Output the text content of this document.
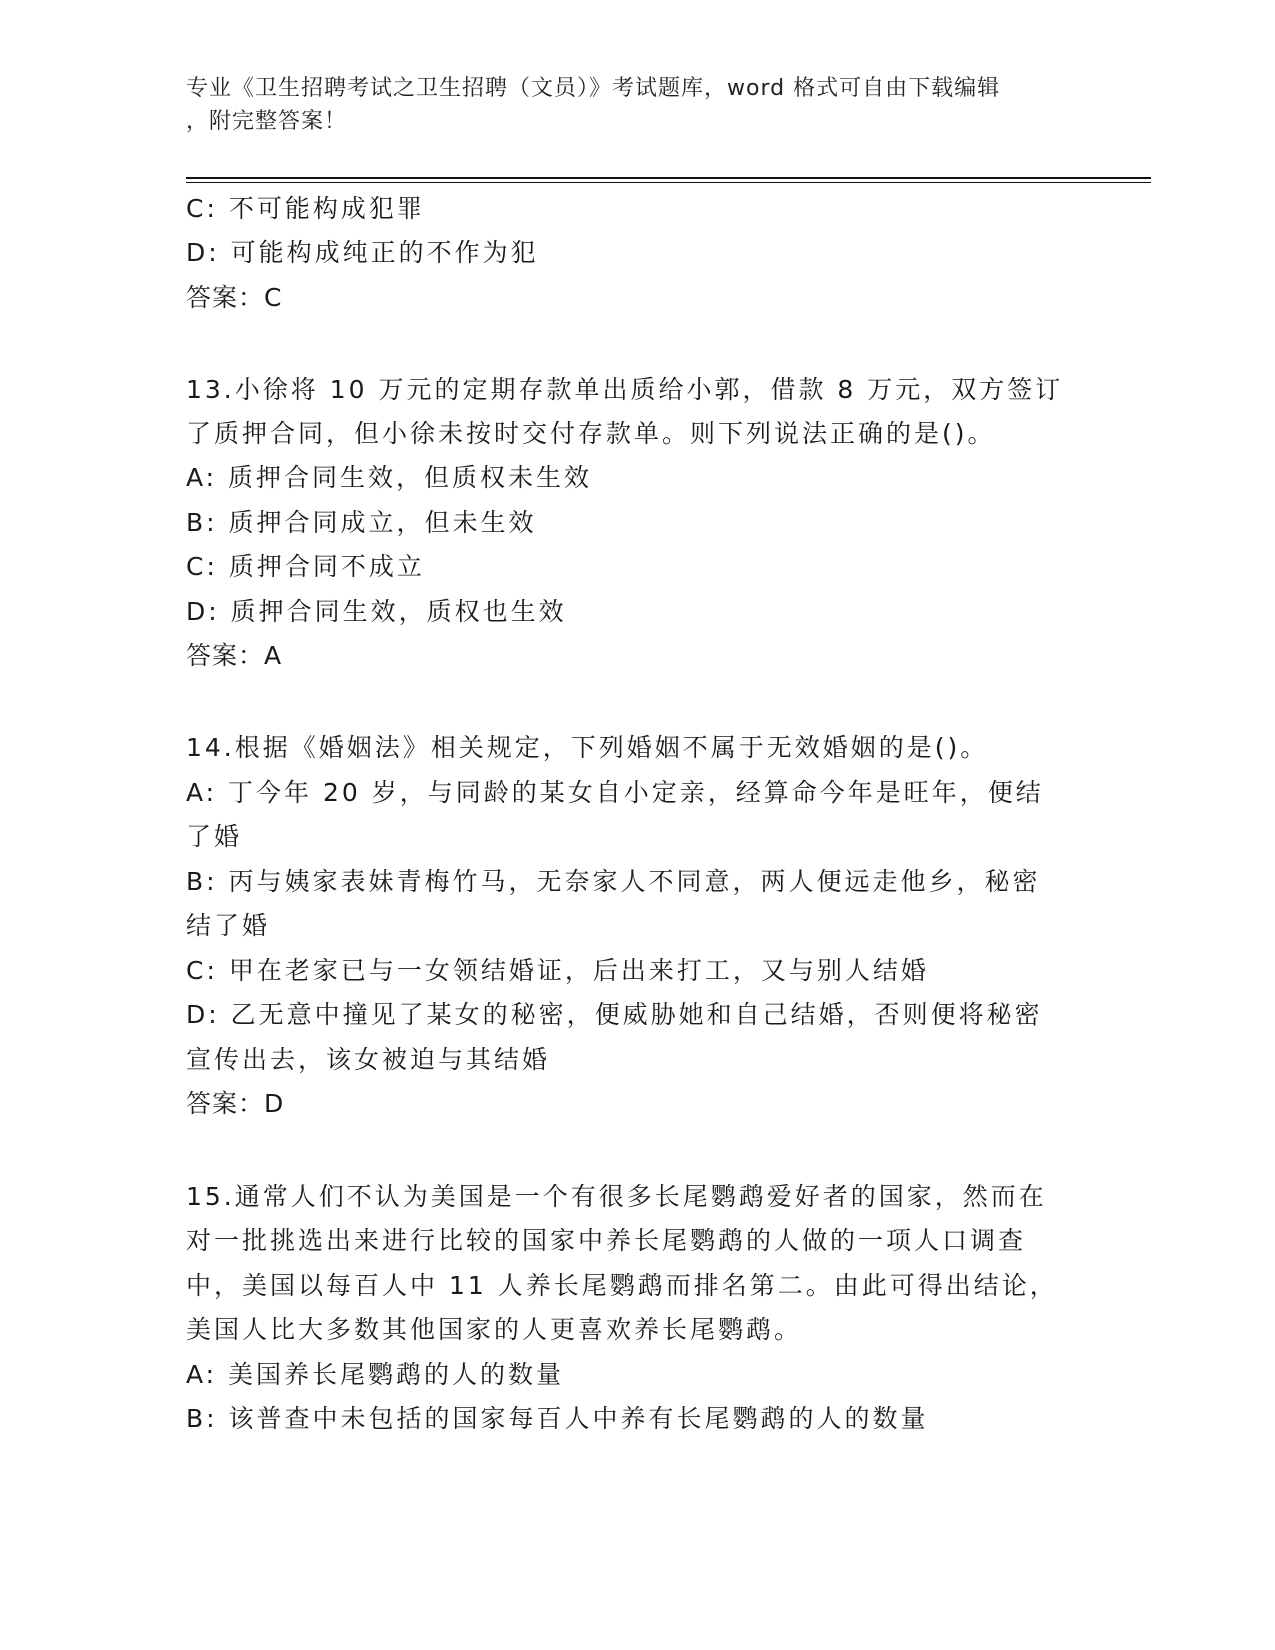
专业《卫生招聘考试之卫生招聘（文员）》考试题库，word 格式可自由下载编辑
，附完整答案！
C: 不可能构成犯罪
D: 可能构成纯正的不作为犯
答案：C
13.小徐将 10 万元的定期存款单出质给小郭，借款 8 万元，双方签订
了质押合同，但小徐未按时交付存款单。则下列说法正确的是()。
A: 质押合同生效，但质权未生效
B: 质押合同成立，但未生效
C: 质押合同不成立
D: 质押合同生效，质权也生效
答案：A
14.根据《婚姻法》相关规定，下列婚姻不属于无效婚姻的是()。
A: 丁今年 20 岁，与同龄的某女自小定亲，经算命今年是旺年，便结
了婚
B: 丙与姨家表妹青梅竹马，无奈家人不同意，两人便远走他乡，秘密
结了婚
C: 甲在老家已与一女领结婚证，后出来打工，又与别人结婚
D: 乙无意中撞见了某女的秘密，便威胁她和自己结婚，否则便将秘密
宣传出去，该女被迫与其结婚
答案：D
15.通常人们不认为美国是一个有很多长尾鹦鹉爱好者的国家，然而在
对一批挑选出来进行比较的国家中养长尾鹦鹉的人做的一项人口调查
中，美国以每百人中 11 人养长尾鹦鹉而排名第二。由此可得出结论，
美国人比大多数其他国家的人更喜欢养长尾鹦鹉。
A: 美国养长尾鹦鹉的人的数量
B: 该普查中未包括的国家每百人中养有长尾鹦鹉的人的数量
